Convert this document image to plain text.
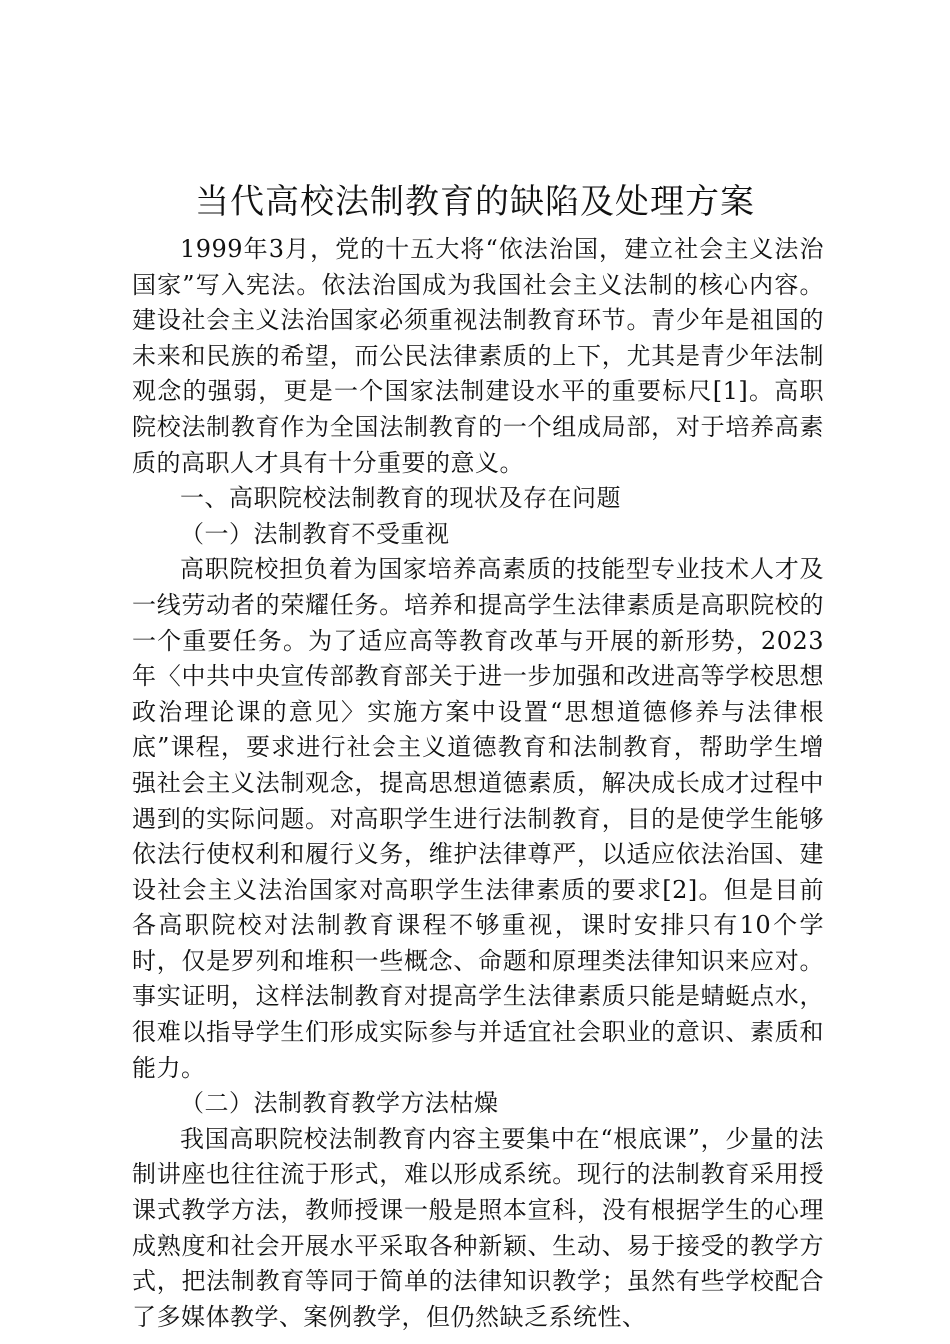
当代高校法制教育的缺陷及处理方案

1999年3月，党的十五大将“依法治国，建立社会主义法治国家”写入宪法。依法治国成为我国社会主义法制的核心内容。建设社会主义法治国家必须重视法制教育环节。青少年是祖国的未来和民族的希望，而公民法律素质的上下，尤其是青少年法制观念的强弱，更是一个国家法制建设水平的重要标尺[1]。高职院校法制教育作为全国法制教育的一个组成局部，对于培养高素质的高职人才具有十分重要的意义。

一、高职院校法制教育的现状及存在问题

（一）法制教育不受重视

高职院校担负着为国家培养高素质的技能型专业技术人才及一线劳动者的荣耀任务。培养和提高学生法律素质是高职院校的一个重要任务。为了适应高等教育改革与开展的新形势，2023年〈中共中央宣传部教育部关于进一步加强和改进高等学校思想政治理论课的意见〉实施方案中设置“思想道德修养与法律根底”课程，要求进行社会主义道德教育和法制教育，帮助学生增强社会主义法制观念，提高思想道德素质，解决成长成才过程中遇到的实际问题。对高职学生进行法制教育，目的是使学生能够依法行使权利和履行义务，维护法律尊严，以适应依法治国、建设社会主义法治国家对高职学生法律素质的要求[2]。但是目前各高职院校对法制教育课程不够重视，课时安排只有10个学时，仅是罗列和堆积一些概念、命题和原理类法律知识来应对。事实证明，这样法制教育对提高学生法律素质只能是蜻蜓点水，很难以指导学生们形成实际参与并适宜社会职业的意识、素质和能力。

（二）法制教育教学方法枯燥

我国高职院校法制教育内容主要集中在“根底课”，少量的法制讲座也往往流于形式，难以形成系统。现行的法制教育采用授课式教学方法，教师授课一般是照本宣科，没有根据学生的心理成熟度和社会开展水平采取各种新颖、生动、易于接受的教学方式，把法制教育等同于简单的法律知识教学；虽然有些学校配合了多媒体教学、案例教学，但仍然缺乏系统性、
